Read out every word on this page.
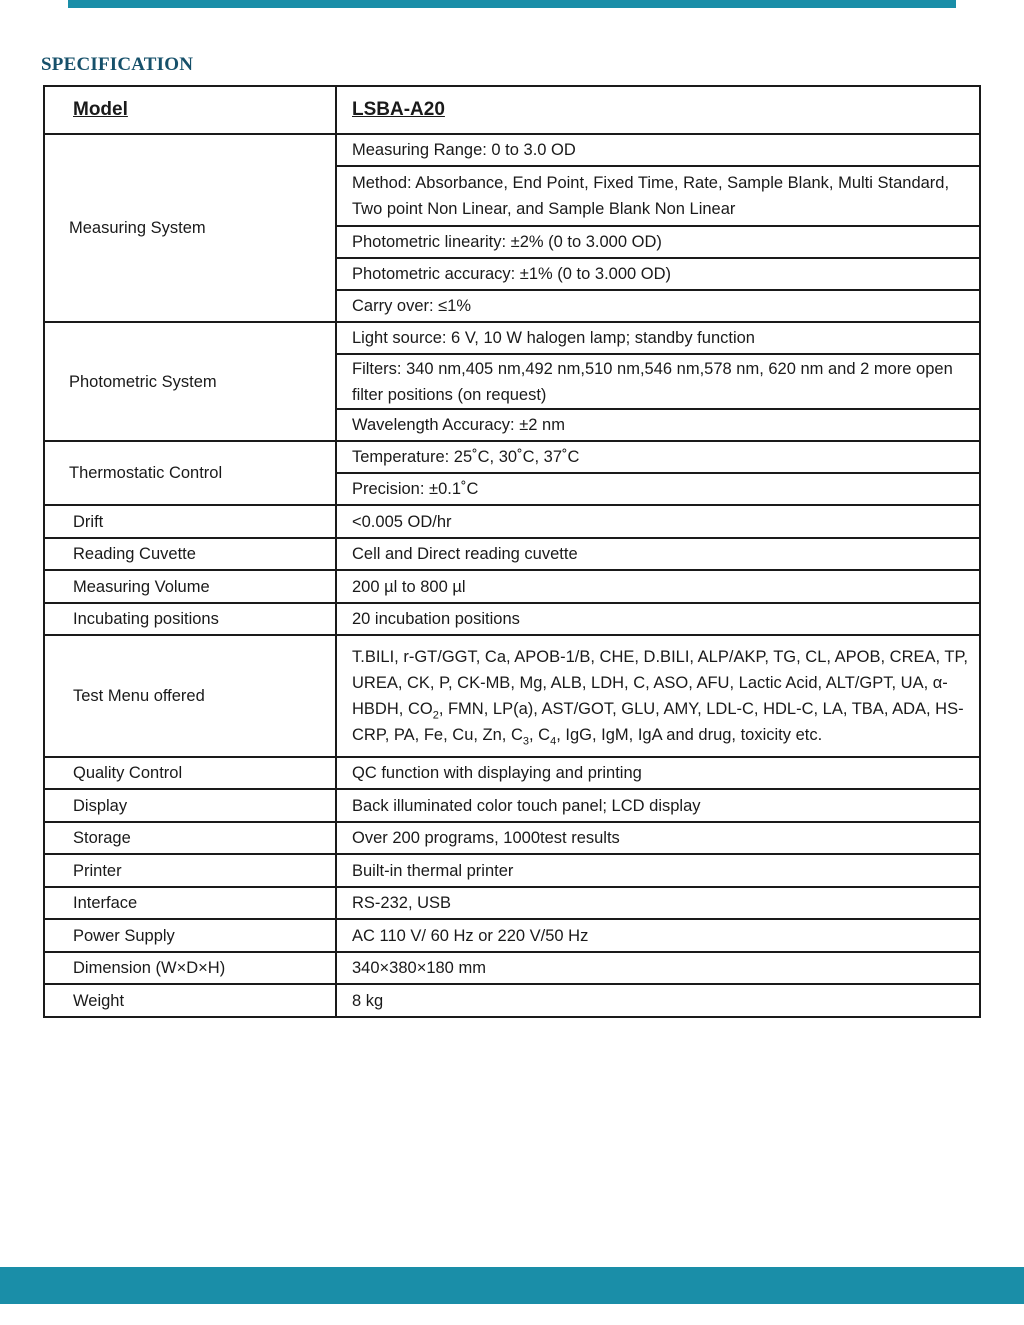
SPECIFICATION
Model	LSBA-A20
Measuring System	Measuring Range: 0 to 3.0 OD
	Method: Absorbance, End Point, Fixed Time, Rate, Sample Blank, Multi Standard, Two point Non Linear, and Sample Blank Non Linear
	Photometric linearity: ±2% (0 to 3.000 OD)
	Photometric accuracy: ±1% (0 to 3.000 OD)
	Carry over: ≤1%
Photometric System	Light source: 6 V, 10 W halogen lamp; standby function
	Filters: 340 nm,405 nm,492 nm,510 nm,546 nm,578 nm, 620 nm and 2 more open filter positions (on request)
	Wavelength Accuracy: ±2 nm
Thermostatic Control	Temperature: 25˚C, 30˚C, 37˚C
	Precision: ±0.1˚C
Drift	<0.005 OD/hr
Reading Cuvette	Cell and Direct reading cuvette
Measuring Volume	200 µl to 800 µl
Incubating positions	20 incubation positions
Test Menu offered	T.BILI, r-GT/GGT, Ca, APOB-1/B, CHE, D.BILI, ALP/AKP, TG, CL, APOB, CREA, TP, UREA, CK, P, CK-MB, Mg, ALB, LDH, C, ASO, AFU, Lactic Acid, ALT/GPT, UA, α-HBDH, $CO_2$, FMN, LP(a), AST/GOT, GLU, AMY, LDL-C, HDL-C, LA, TBA, ADA, HS-CRP, PA, Fe, Cu, Zn, $C_3$, $C_4$, IgG, IgM, IgA and drug, toxicity etc.
Quality Control	QC function with displaying and printing
Display	Back illuminated color touch panel; LCD display
Storage	Over 200 programs, 1000test results
Printer	Built-in thermal printer
Interface	RS-232, USB
Power Supply	AC 110 V/ 60 Hz or 220 V/50 Hz
Dimension (W×D×H)	340×380×180 mm
Weight	8 kg
